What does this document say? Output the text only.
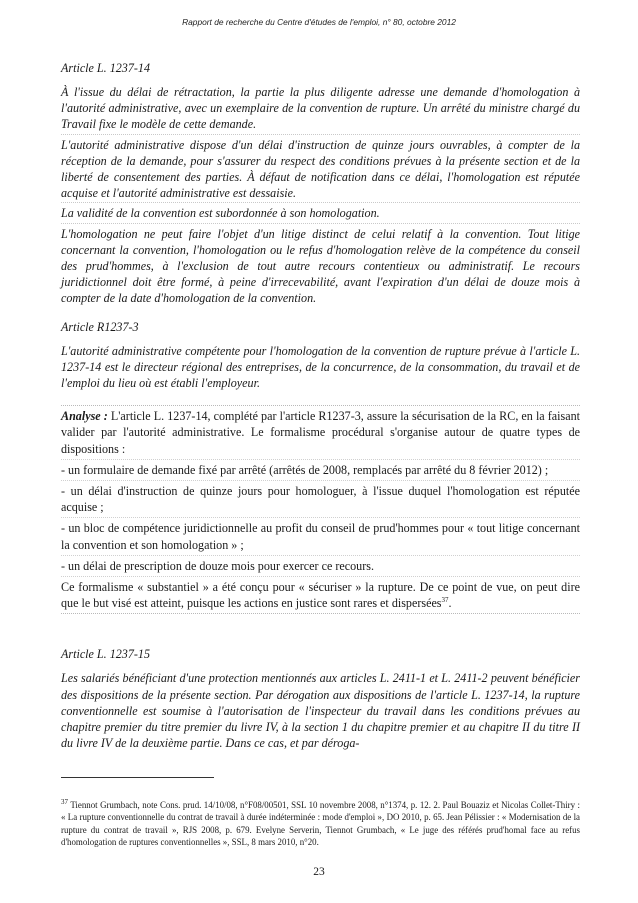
Rapport de recherche du Centre d'études de l'emploi, n° 80, octobre 2012

Article L. 1237-14

À l'issue du délai de rétractation, la partie la plus diligente adresse une demande d'homologation à l'autorité administrative, avec un exemplaire de la convention de rupture. Un arrêté du ministre chargé du Travail fixe le modèle de cette demande.

L'autorité administrative dispose d'un délai d'instruction de quinze jours ouvrables, à compter de la réception de la demande, pour s'assurer du respect des conditions prévues à la présente section et de la liberté de consentement des parties. À défaut de notification dans ce délai, l'homologation est réputée acquise et l'autorité administrative est dessaisie.

La validité de la convention est subordonnée à son homologation.

L'homologation ne peut faire l'objet d'un litige distinct de celui relatif à la convention. Tout litige concernant la convention, l'homologation ou le refus d'homologation relève de la compétence du conseil des prud'hommes, à l'exclusion de tout autre recours contentieux ou administratif. Le recours juridictionnel doit être formé, à peine d'irrecevabilité, avant l'expiration d'un délai de douze mois à compter de la date d'homologation de la convention.

Article R1237-3

L'autorité administrative compétente pour l'homologation de la convention de rupture prévue à l'article L. 1237-14 est le directeur régional des entreprises, de la concurrence, de la consommation, du travail et de l'emploi du lieu où est établi l'employeur.

Analyse : L'article L. 1237-14, complété par l'article R1237-3, assure la sécurisation de la RC, en la faisant valider par l'autorité administrative. Le formalisme procédural s'organise autour de quatre types de dispositions :

- un formulaire de demande fixé par arrêté (arrêtés de 2008, remplacés par arrêté du 8 février 2012) ;

- un délai d'instruction de quinze jours pour homologuer, à l'issue duquel l'homologation est réputée acquise ;

- un bloc de compétence juridictionnelle au profit du conseil de prud'hommes pour « tout litige concernant la convention et son homologation » ;

- un délai de prescription de douze mois pour exercer ce recours.

Ce formalisme « substantiel » a été conçu pour « sécuriser » la rupture. De ce point de vue, on peut dire que le but visé est atteint, puisque les actions en justice sont rares et dispersées$^{37}$.

Article L. 1237-15

Les salariés bénéficiant d'une protection mentionnés aux articles L. 2411-1 et L. 2411-2 peuvent bénéficier des dispositions de la présente section. Par dérogation aux dispositions de l'article L. 1237-14, la rupture conventionnelle est soumise à l'autorisation de l'inspecteur du travail dans les conditions prévues au chapitre premier du titre premier du livre IV, à la section 1 du chapitre premier et au chapitre II du titre II du livre IV de la deuxième partie. Dans ce cas, et par déroga-

$^{37}$ Tiennot Grumbach, note Cons. prud. 14/10/08, n°F08/00501, SSL 10 novembre 2008, n°1374, p. 12. 2. Paul Bouaziz et Nicolas Collet-Thiry : « La rupture conventionnelle du contrat de travail à durée indéterminée : mode d'emploi », DO 2010, p. 65. Jean Pélissier : « Modernisation de la rupture du contrat de travail », RJS 2008, p. 679. Evelyne Serverin, Tiennot Grumbach, « Le juge des référés prud'homal face au refus d'homologation de ruptures conventionnelles », SSL, 8 mars 2010, n°20.

23
